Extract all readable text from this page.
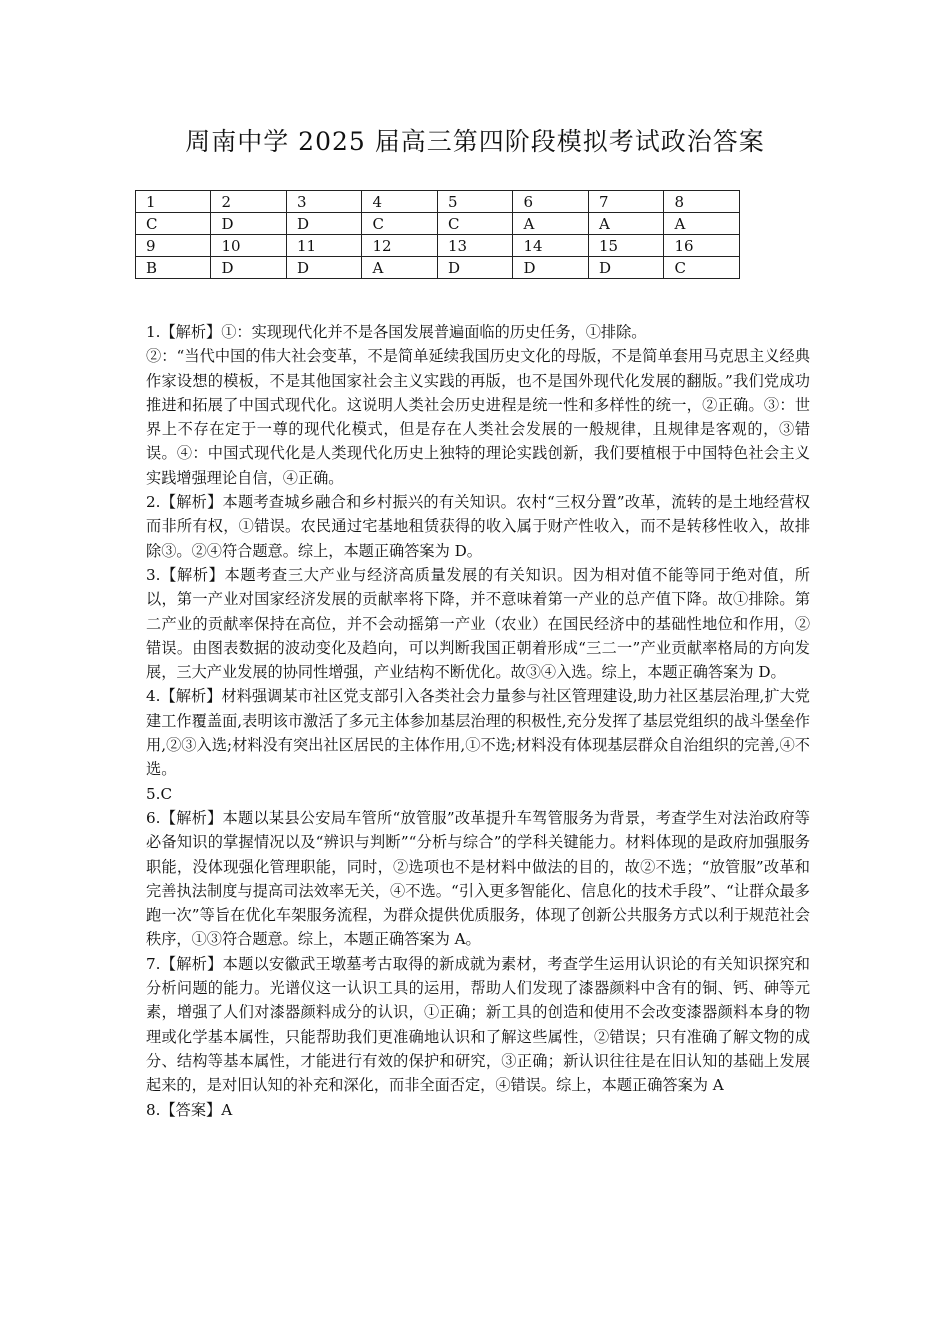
周南中学 2025 届高三第四阶段模拟考试政治答案
1	2	3	4	5	6	7	8
C	D	D	C	C	A	A	A
9	10	11	12	13	14	15	16
B	D	D	A	D	D	D	C

1.【解析】①：实现现代化并不是各国发展普遍面临的历史任务，①排除。

②：“当代中国的伟大社会变革，不是简单延续我国历史文化的母版，不是简单套用马克思主义经典作家设想的模板，不是其他国家社会主义实践的再版，也不是国外现代化发展的翻版。”我们党成功推进和拓展了中国式现代化。这说明人类社会历史进程是统一性和多样性的统一，②正确。③：世界上不存在定于一尊的现代化模式，但是存在人类社会发展的一般规律，且规律是客观的，③错误。④：中国式现代化是人类现代化历史上独特的理论实践创新，我们要植根于中国特色社会主义实践增强理论自信，④正确。

2.【解析】本题考查城乡融合和乡村振兴的有关知识。农村“三权分置”改革，流转的是土地经营权而非所有权，①错误。农民通过宅基地租赁获得的收入属于财产性收入，而不是转移性收入，故排除③。②④符合题意。综上，本题正确答案为 D。

3.【解析】本题考查三大产业与经济高质量发展的有关知识。因为相对值不能等同于绝对值，所以，第一产业对国家经济发展的贡献率将下降，并不意味着第一产业的总产值下降。故①排除。第二产业的贡献率保持在高位，并不会动摇第一产业（农业）在国民经济中的基础性地位和作用，②错误。由图表数据的波动变化及趋向，可以判断我国正朝着形成“三二一”产业贡献率格局的方向发展，三大产业发展的协同性增强，产业结构不断优化。故③④入选。综上，本题正确答案为 D。

4.【解析】材料强调某市社区党支部引入各类社会力量参与社区管理建设,助力社区基层治理,扩大党建工作覆盖面,表明该市激活了多元主体参加基层治理的积极性,充分发挥了基层党组织的战斗堡垒作用,②③入选;材料没有突出社区居民的主体作用,①不选;材料没有体现基层群众自治组织的完善,④不选。

5.C

6.【解析】本题以某县公安局车管所“放管服”改革提升车驾管服务为背景，考查学生对法治政府等必备知识的掌握情况以及“辨识与判断”“分析与综合”的学科关键能力。材料体现的是政府加强服务职能，没体现强化管理职能，同时，②选项也不是材料中做法的目的，故②不选；“放管服”改革和完善执法制度与提高司法效率无关，④不选。“引入更多智能化、信息化的技术手段”、“让群众最多跑一次”等旨在优化车架服务流程，为群众提供优质服务，体现了创新公共服务方式以利于规范社会秩序，①③符合题意。综上，本题正确答案为 A。

7.【解析】本题以安徽武王墩墓考古取得的新成就为素材，考查学生运用认识论的有关知识探究和分析问题的能力。光谱仪这一认识工具的运用，帮助人们发现了漆器颜料中含有的铜、钙、砷等元素，增强了人们对漆器颜料成分的认识，①正确；新工具的创造和使用不会改变漆器颜料本身的物理或化学基本属性，只能帮助我们更准确地认识和了解这些属性，②错误；只有准确了解文物的成分、结构等基本属性，才能进行有效的保护和研究，③正确；新认识往往是在旧认知的基础上发展起来的，是对旧认知的补充和深化，而非全面否定，④错误。综上，本题正确答案为 A

8.【答案】A
